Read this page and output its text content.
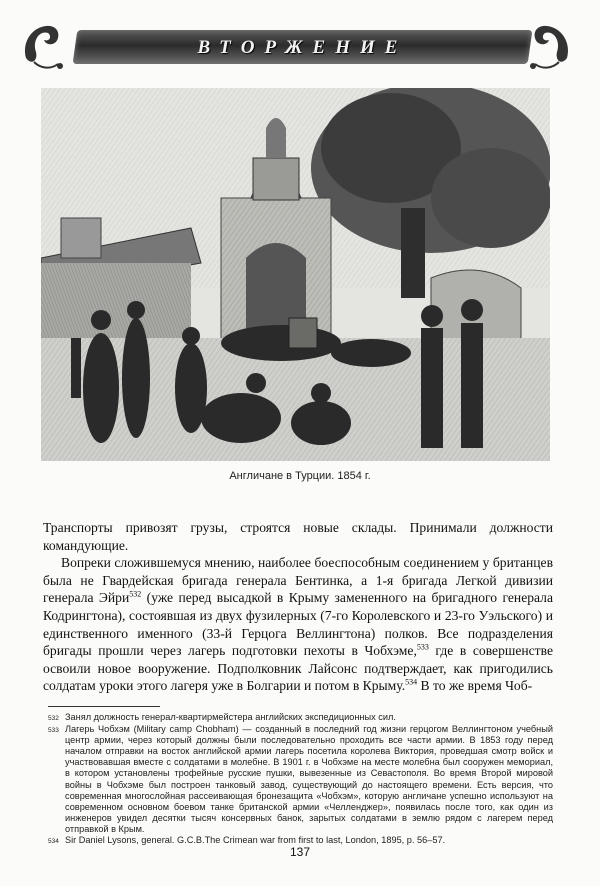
ВТОРЖЕНИЕ
Англичане в Турции. 1854 г.

Транспорты привозят грузы, строятся новые склады. Принимали должности командующие.

Вопреки сложившемуся мнению, наиболее боеспособным соединением у британцев была не Гвардейская бригада генерала Бентинка, а 1-я бригада Легкой дивизии генерала Эйри$^{532}$ (уже перед высадкой в Крыму замененного на бригадного генерала Кодрингтона), состоявшая из двух фузилерных (7-го Королевского и 23-го Уэльского) и единственного именного (33-й Герцога Веллингтона) полков. Все подразделения бригады прошли через лагерь подготовки пехоты в Чобхэме,$^{533}$ где в совершенстве освоили новое вооружение. Подполковник Лайсонс подтверждает, как пригодились солдатам уроки этого лагеря уже в Болгарии и потом в Крыму.$^{534}$ В то же время Чоб-

532 Занял должность генерал-квартирмейстера английских экспедиционных сил.
533 Лагерь Чобхэм (Military camp Chobham) — созданный в последний год жизни герцогом Веллингтоном учебный центр армии, через который должны были последовательно проходить все части армии. В 1853 году перед началом отправки на восток английской армии лагерь посетила королева Виктория, проведшая смотр войск и участвовавшая вместе с солдатами в молебне. В 1901 г. в Чобхэме на месте молебна был сооружен мемориал, в котором установлены трофейные русские пушки, вывезенные из Севастополя. Во время Второй мировой войны в Чобхэме был построен танковый завод, существующий до настоящего времени. Есть версия, что современная многослойная рассеивающая бронезащита «Чобхэм», которую англичане успешно используют на современном основном боевом танке британской армии «Челленджер», появилась после того, как один из инженеров увидел десятки тысяч консервных банок, зарытых солдатами в землю рядом с лагерем перед отправкой в Крым.
534 Sir Daniel Lysons, general. G.C.B.The Crimean war from first to last, London, 1895, p. 56–57.
137
